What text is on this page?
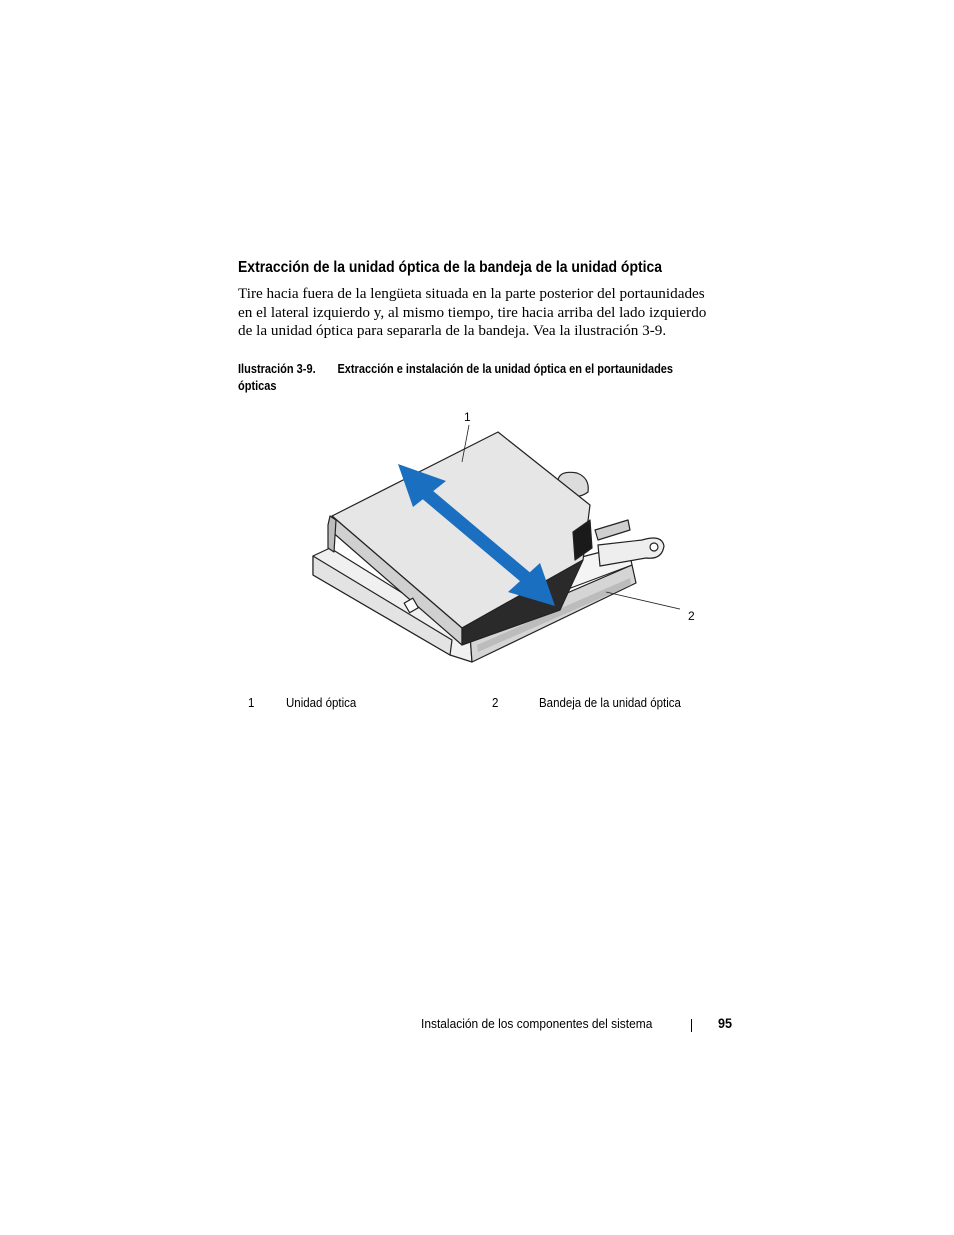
Extracción de la unidad óptica de la bandeja de la unidad óptica

Tire hacia fuera de la lengüeta situada en la parte posterior del portaunidades
en el lateral izquierdo y, al mismo tiempo, tire hacia arriba del lado izquierdo
de la unidad óptica para separarla de la bandeja. Vea la ilustración 3-9.

Ilustración 3-9. Extracción e instalación de la unidad óptica en el portaunidades
ópticas
1
2
1	Unidad óptica	2	Bandeja de la unidad óptica
Instalación de los componentes del sistema	95
